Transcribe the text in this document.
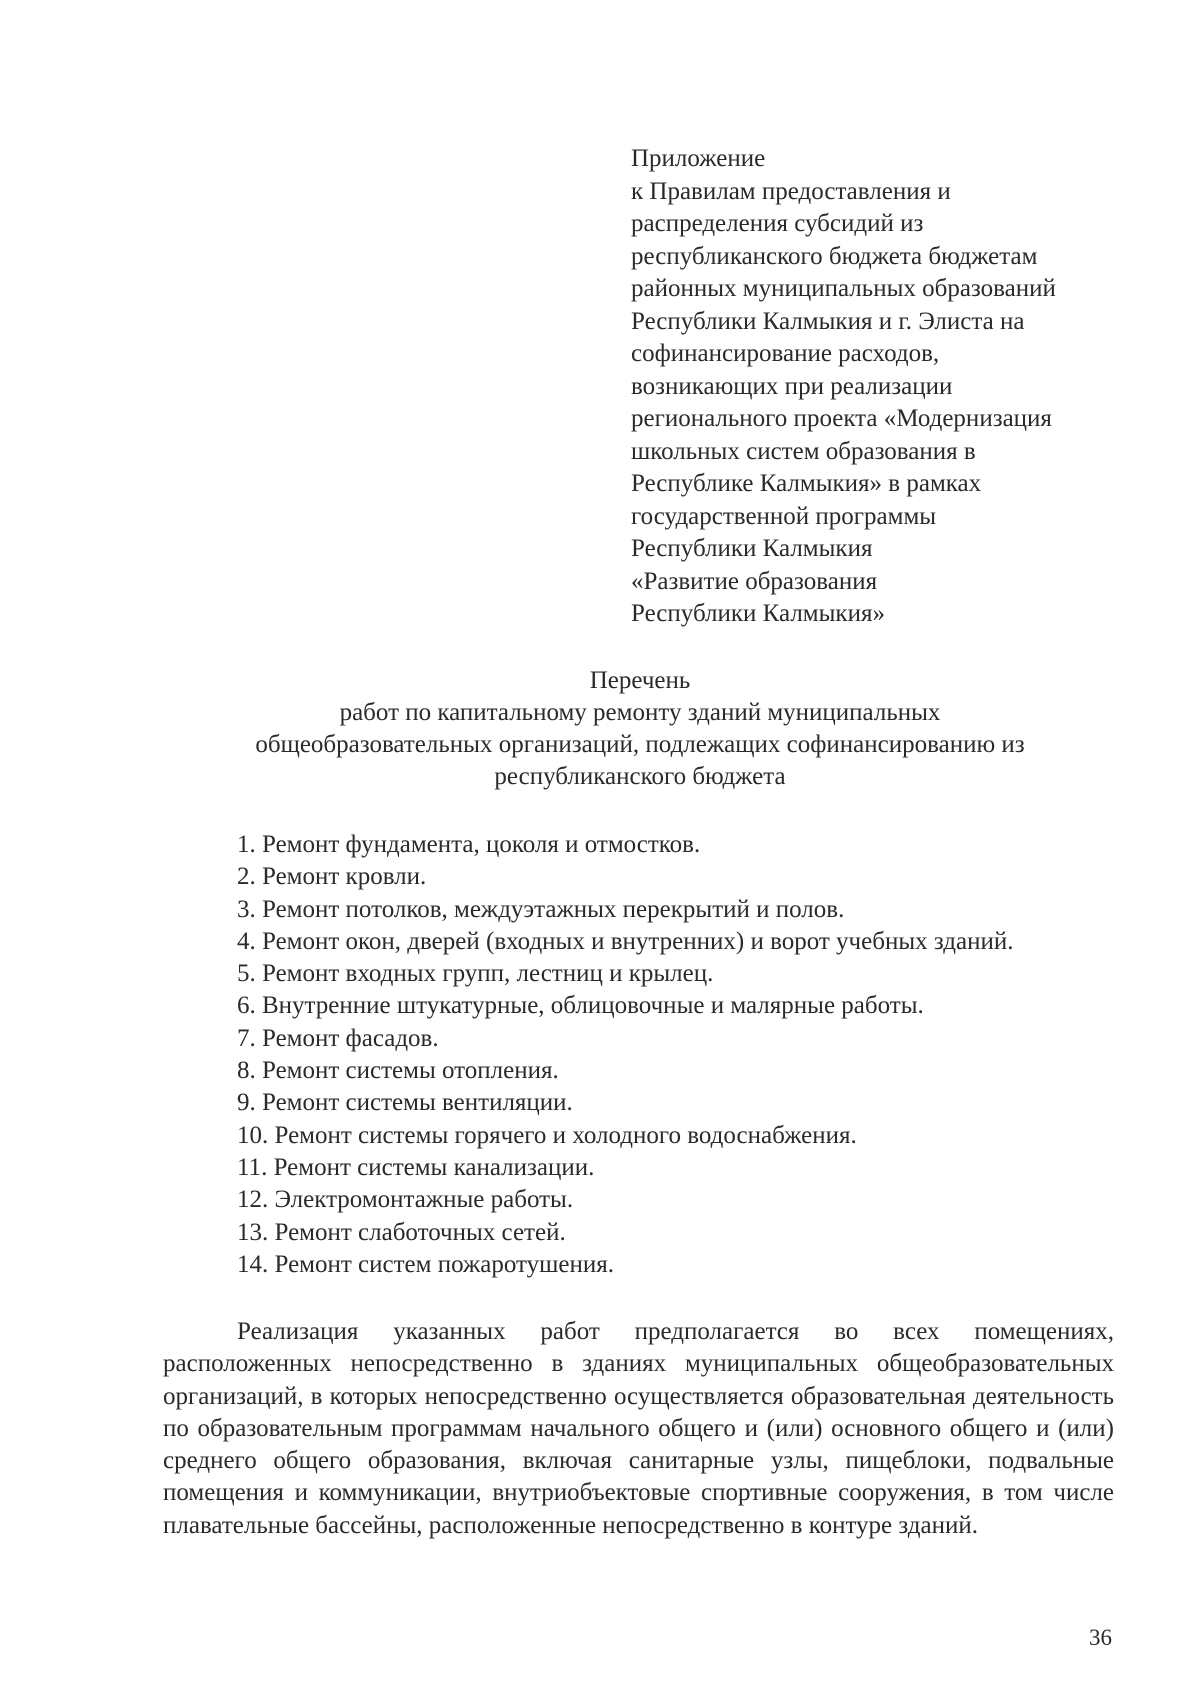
Приложение
к Правилам предоставления и
распределения субсидий из
республиканского бюджета бюджетам
районных муниципальных образований
Республики Калмыкия и г. Элиста на
софинансирование расходов,
возникающих при реализации
регионального проекта «Модернизация
школьных систем образования в
Республике Калмыкия» в рамках
государственной программы
Республики Калмыкия
«Развитие образования
Республики Калмыкия»
Перечень
работ по капитальному ремонту зданий муниципальных
общеобразовательных организаций, подлежащих софинансированию из
республиканского бюджета
1. Ремонт фундамента, цоколя и отмостков.
2. Ремонт кровли.
3. Ремонт потолков, междуэтажных перекрытий и полов.
4. Ремонт окон, дверей (входных и внутренних) и ворот учебных зданий.
5. Ремонт входных групп, лестниц и крылец.
6. Внутренние штукатурные, облицовочные и малярные работы.
7. Ремонт фасадов.
8. Ремонт системы отопления.
9. Ремонт системы вентиляции.
10. Ремонт системы горячего и холодного водоснабжения.
11. Ремонт системы канализации.
12. Электромонтажные работы.
13. Ремонт слаботочных сетей.
14. Ремонт систем пожаротушения.

Реализация указанных работ предполагается во всех помещениях, расположенных непосредственно в зданиях муниципальных общеобразовательных организаций, в которых непосредственно осуществляется образовательная деятельность по образовательным программам начального общего и (или) основного общего и (или) среднего общего образования, включая санитарные узлы, пищеблоки, подвальные помещения и коммуникации, внутриобъектовые спортивные сооружения, в том числе плавательные бассейны, расположенные непосредственно в контуре зданий.

36
